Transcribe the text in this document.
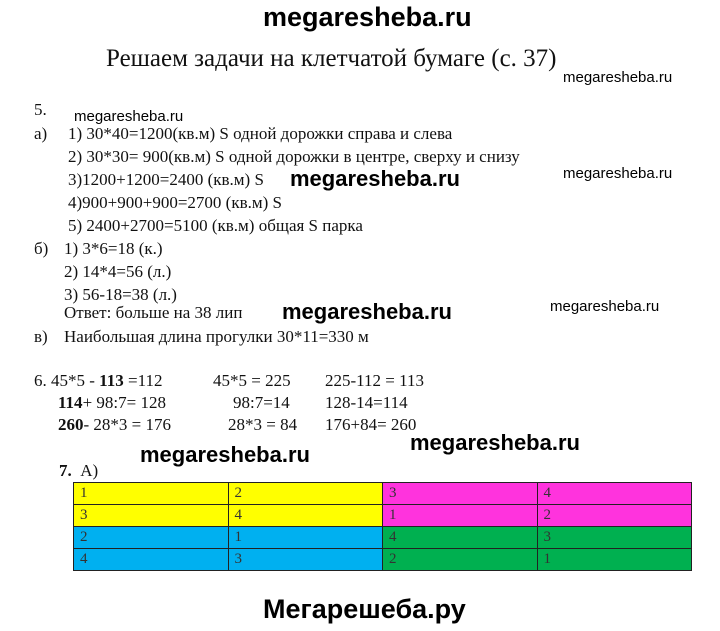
megaresheba.ru
Решаем задачи на клетчатой бумаге (с. 37)
megaresheba.ru
5. megaresheba.ru
а) 1) 30*40=1200(кв.м) S одной дорожки справа и слева
2) 30*30= 900(кв.м) S одной дорожки в центре, сверху и снизу
3)1200+1200=2400 (кв.м) S megaresheba.ru	megaresheba.ru
4)900+900+900=2700 (кв.м) S
5) 2400+2700=5100 (кв.м) общая S парка
б) 1) 3*6=18 (к.)
2) 14*4=56 (л.)
3) 56-18=38 (л.)
Ответ: больше на 38 лип megaresheba.ru	megaresheba.ru
в) Наибольшая длина прогулки 30*11=330 м
6. 45*5 - 113 =112	45*5 = 225 225-112 = 113
114+ 98:7= 128	98:7=14 128-14=114
260- 28*3 = 176	28*3 = 84 176+84= 260
megaresheba.ru
megaresheba.ru
7. А)
1	2	3	4
3	4	1	2
2	1	4	3
4	3	2	1
Мегарешеба.ру
